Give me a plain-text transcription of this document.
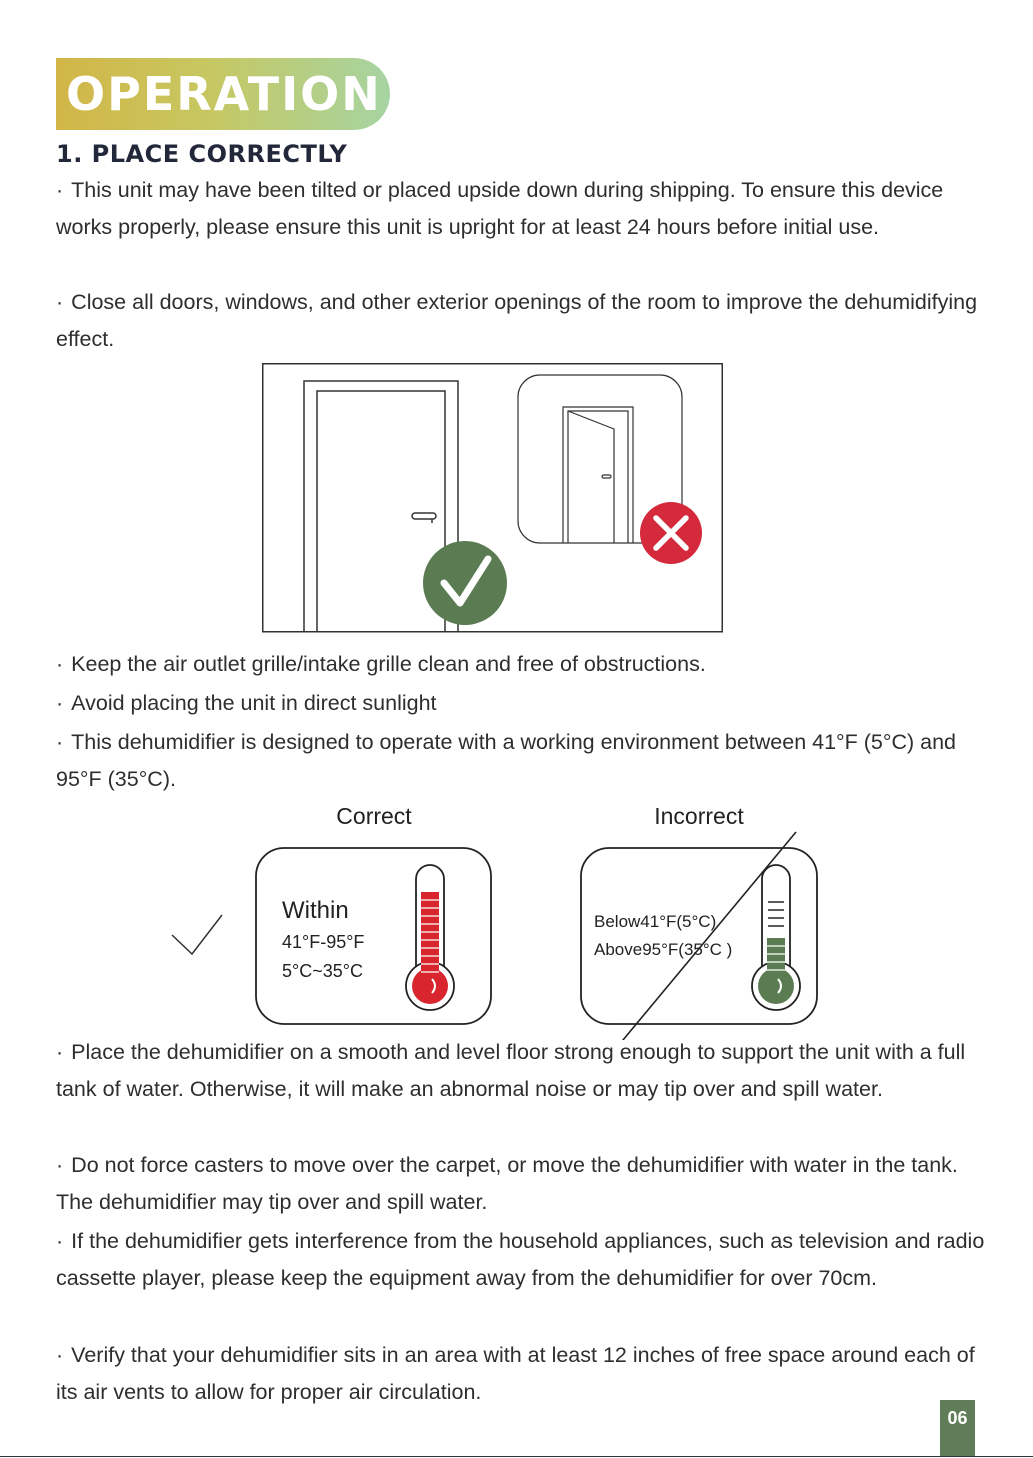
OPERATION
1. PLACE CORRECTLY

· This unit may have been tilted or placed upside down during shipping. To ensure this device works properly, please ensure this unit is upright for at least 24 hours before initial use.

· Close all doors, windows, and other exterior openings of the room to improve the dehumidifying effect.

· Keep the air outlet grille/intake grille clean and free of obstructions.

· Avoid placing the unit in direct sunlight

· This dehumidifier is designed to operate with a working environment between 41°F (5°C) and 95°F (35°C).

Correct	Incorrect
Within
41°F-95°F
5°C~35°C
Below41°F(5°C)
Above95°F(35°C )

· Place the dehumidifier on a smooth and level floor strong enough to support the unit with a full tank of water. Otherwise, it will make an abnormal noise or may tip over and spill water.

· Do not force casters to move over the carpet, or move the dehumidifier with water in the tank. The dehumidifier may tip over and spill water.

· If the dehumidifier gets interference from the household appliances, such as television and radio cassette player, please keep the equipment away from the dehumidifier for over 70cm.

· Verify that your dehumidifier sits in an area with at least 12 inches of free space around each of its air vents to allow for proper air circulation.

06
